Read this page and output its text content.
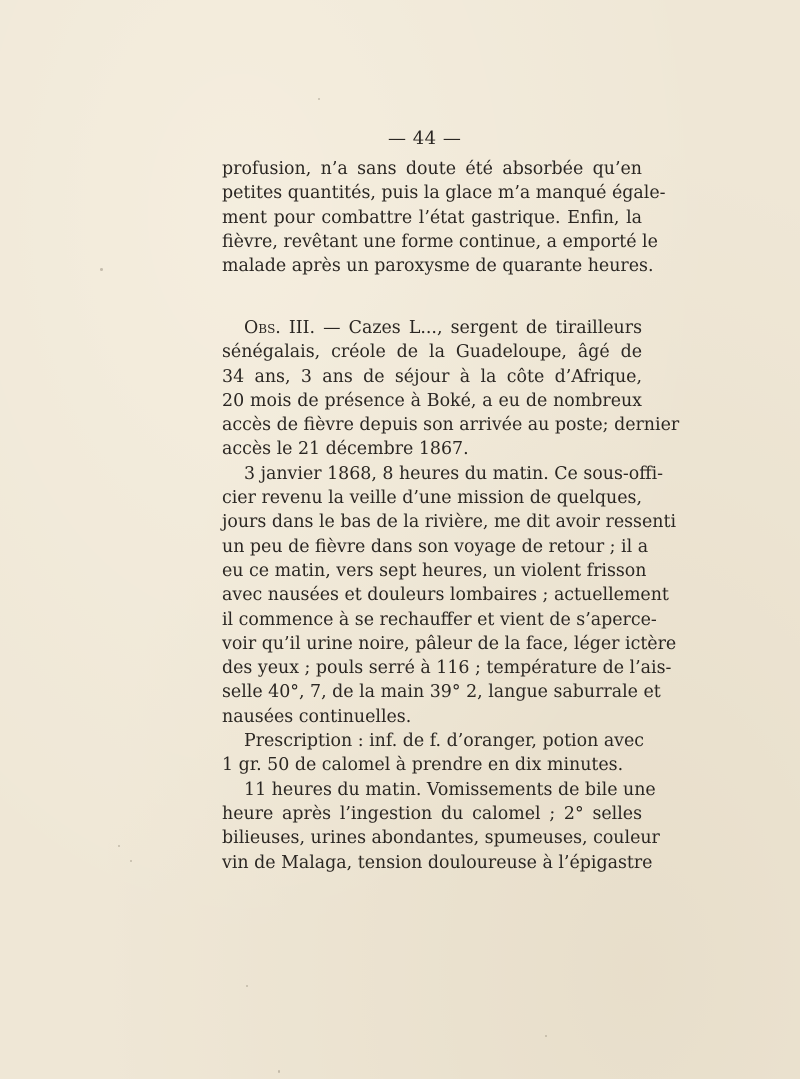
— 44 —
profusion, n’a sans doute été absorbée qu’en
petites quantités, puis la glace m’a manqué égale-
ment pour combattre l’état gastrique. Enfin, la
fièvre, revêtant une forme continue, a emporté le
malade après un paroxysme de quarante heures.
Obs. III. — Cazes L..., sergent de tirailleurs
sénégalais, créole de la Guadeloupe, âgé de
34 ans, 3 ans de séjour à la côte d’Afrique,
20 mois de présence à Boké, a eu de nombreux
accès de fièvre depuis son arrivée au poste; dernier
accès le 21 décembre 1867.
3 janvier 1868, 8 heures du matin. Ce sous-offi-
cier revenu la veille d’une mission de quelques,
jours dans le bas de la rivière, me dit avoir ressenti
un peu de fièvre dans son voyage de retour ; il a
eu ce matin, vers sept heures, un violent frisson
avec nausées et douleurs lombaires ; actuellement
il commence à se rechauffer et vient de s’aperce-
voir qu’il urine noire, pâleur de la face, léger ictère
des yeux ; pouls serré à 116 ; température de l’ais-
selle 40°, 7, de la main 39° 2, langue saburrale et
nausées continuelles.
Prescription : inf. de f. d’oranger, potion avec
1 gr. 50 de calomel à prendre en dix minutes.
11 heures du matin. Vomissements de bile une
heure après l’ingestion du calomel ; 2° selles
bilieuses, urines abondantes, spumeuses, couleur
vin de Malaga, tension douloureuse à l’épigastre
